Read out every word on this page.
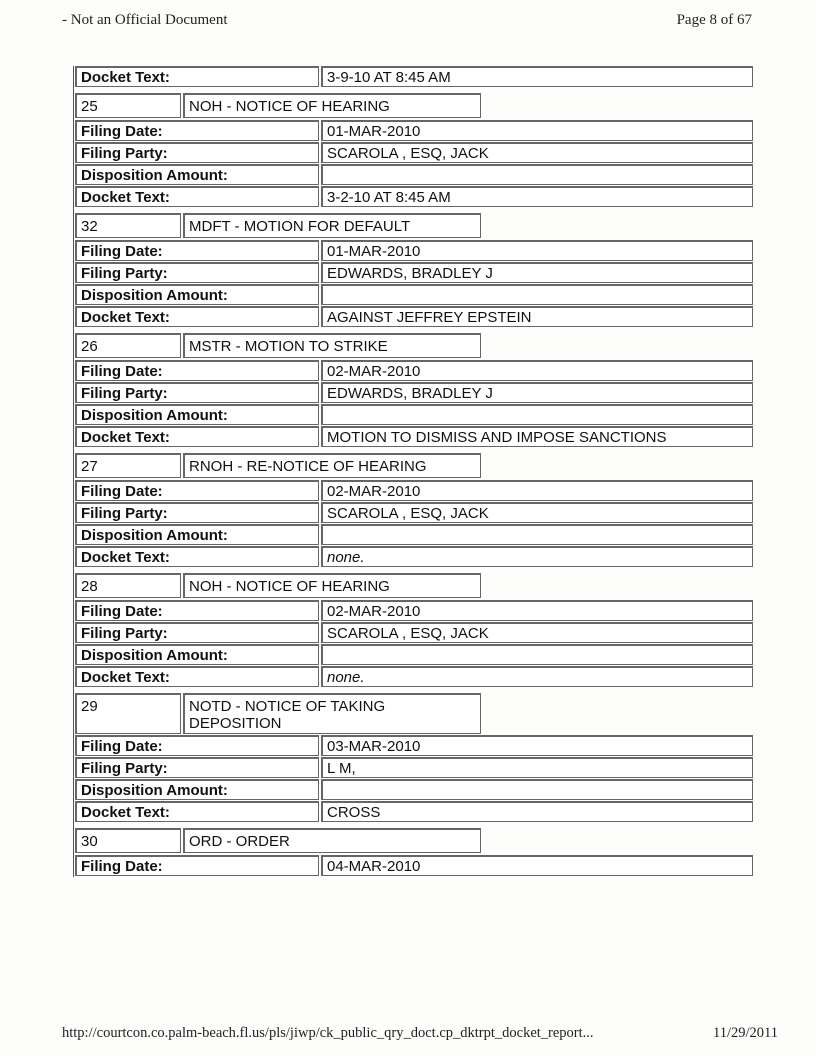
- Not an Official Document	Page 8 of 67
Docket Text:	3-9-10 AT 8:45 AM
25	NOH - NOTICE OF HEARING
Filing Date:	01-MAR-2010
Filing Party:	SCAROLA , ESQ, JACK
Disposition Amount:
Docket Text:	3-2-10 AT 8:45 AM
32	MDFT - MOTION FOR DEFAULT
Filing Date:	01-MAR-2010
Filing Party:	EDWARDS, BRADLEY J
Disposition Amount:
Docket Text:	AGAINST JEFFREY EPSTEIN
26	MSTR - MOTION TO STRIKE
Filing Date:	02-MAR-2010
Filing Party:	EDWARDS, BRADLEY J
Disposition Amount:
Docket Text:	MOTION TO DISMISS AND IMPOSE SANCTIONS
27	RNOH - RE-NOTICE OF HEARING
Filing Date:	02-MAR-2010
Filing Party:	SCAROLA , ESQ, JACK
Disposition Amount:
Docket Text:	none.
28	NOH - NOTICE OF HEARING
Filing Date:	02-MAR-2010
Filing Party:	SCAROLA , ESQ, JACK
Disposition Amount:
Docket Text:	none.
29	NOTD - NOTICE OF TAKING DEPOSITION
Filing Date:	03-MAR-2010
Filing Party:	L M,
Disposition Amount:
Docket Text:	CROSS
30	ORD - ORDER
Filing Date:	04-MAR-2010
http://courtcon.co.palm-beach.fl.us/pls/jiwp/ck_public_qry_doct.cp_dktrpt_docket_report...	11/29/2011
